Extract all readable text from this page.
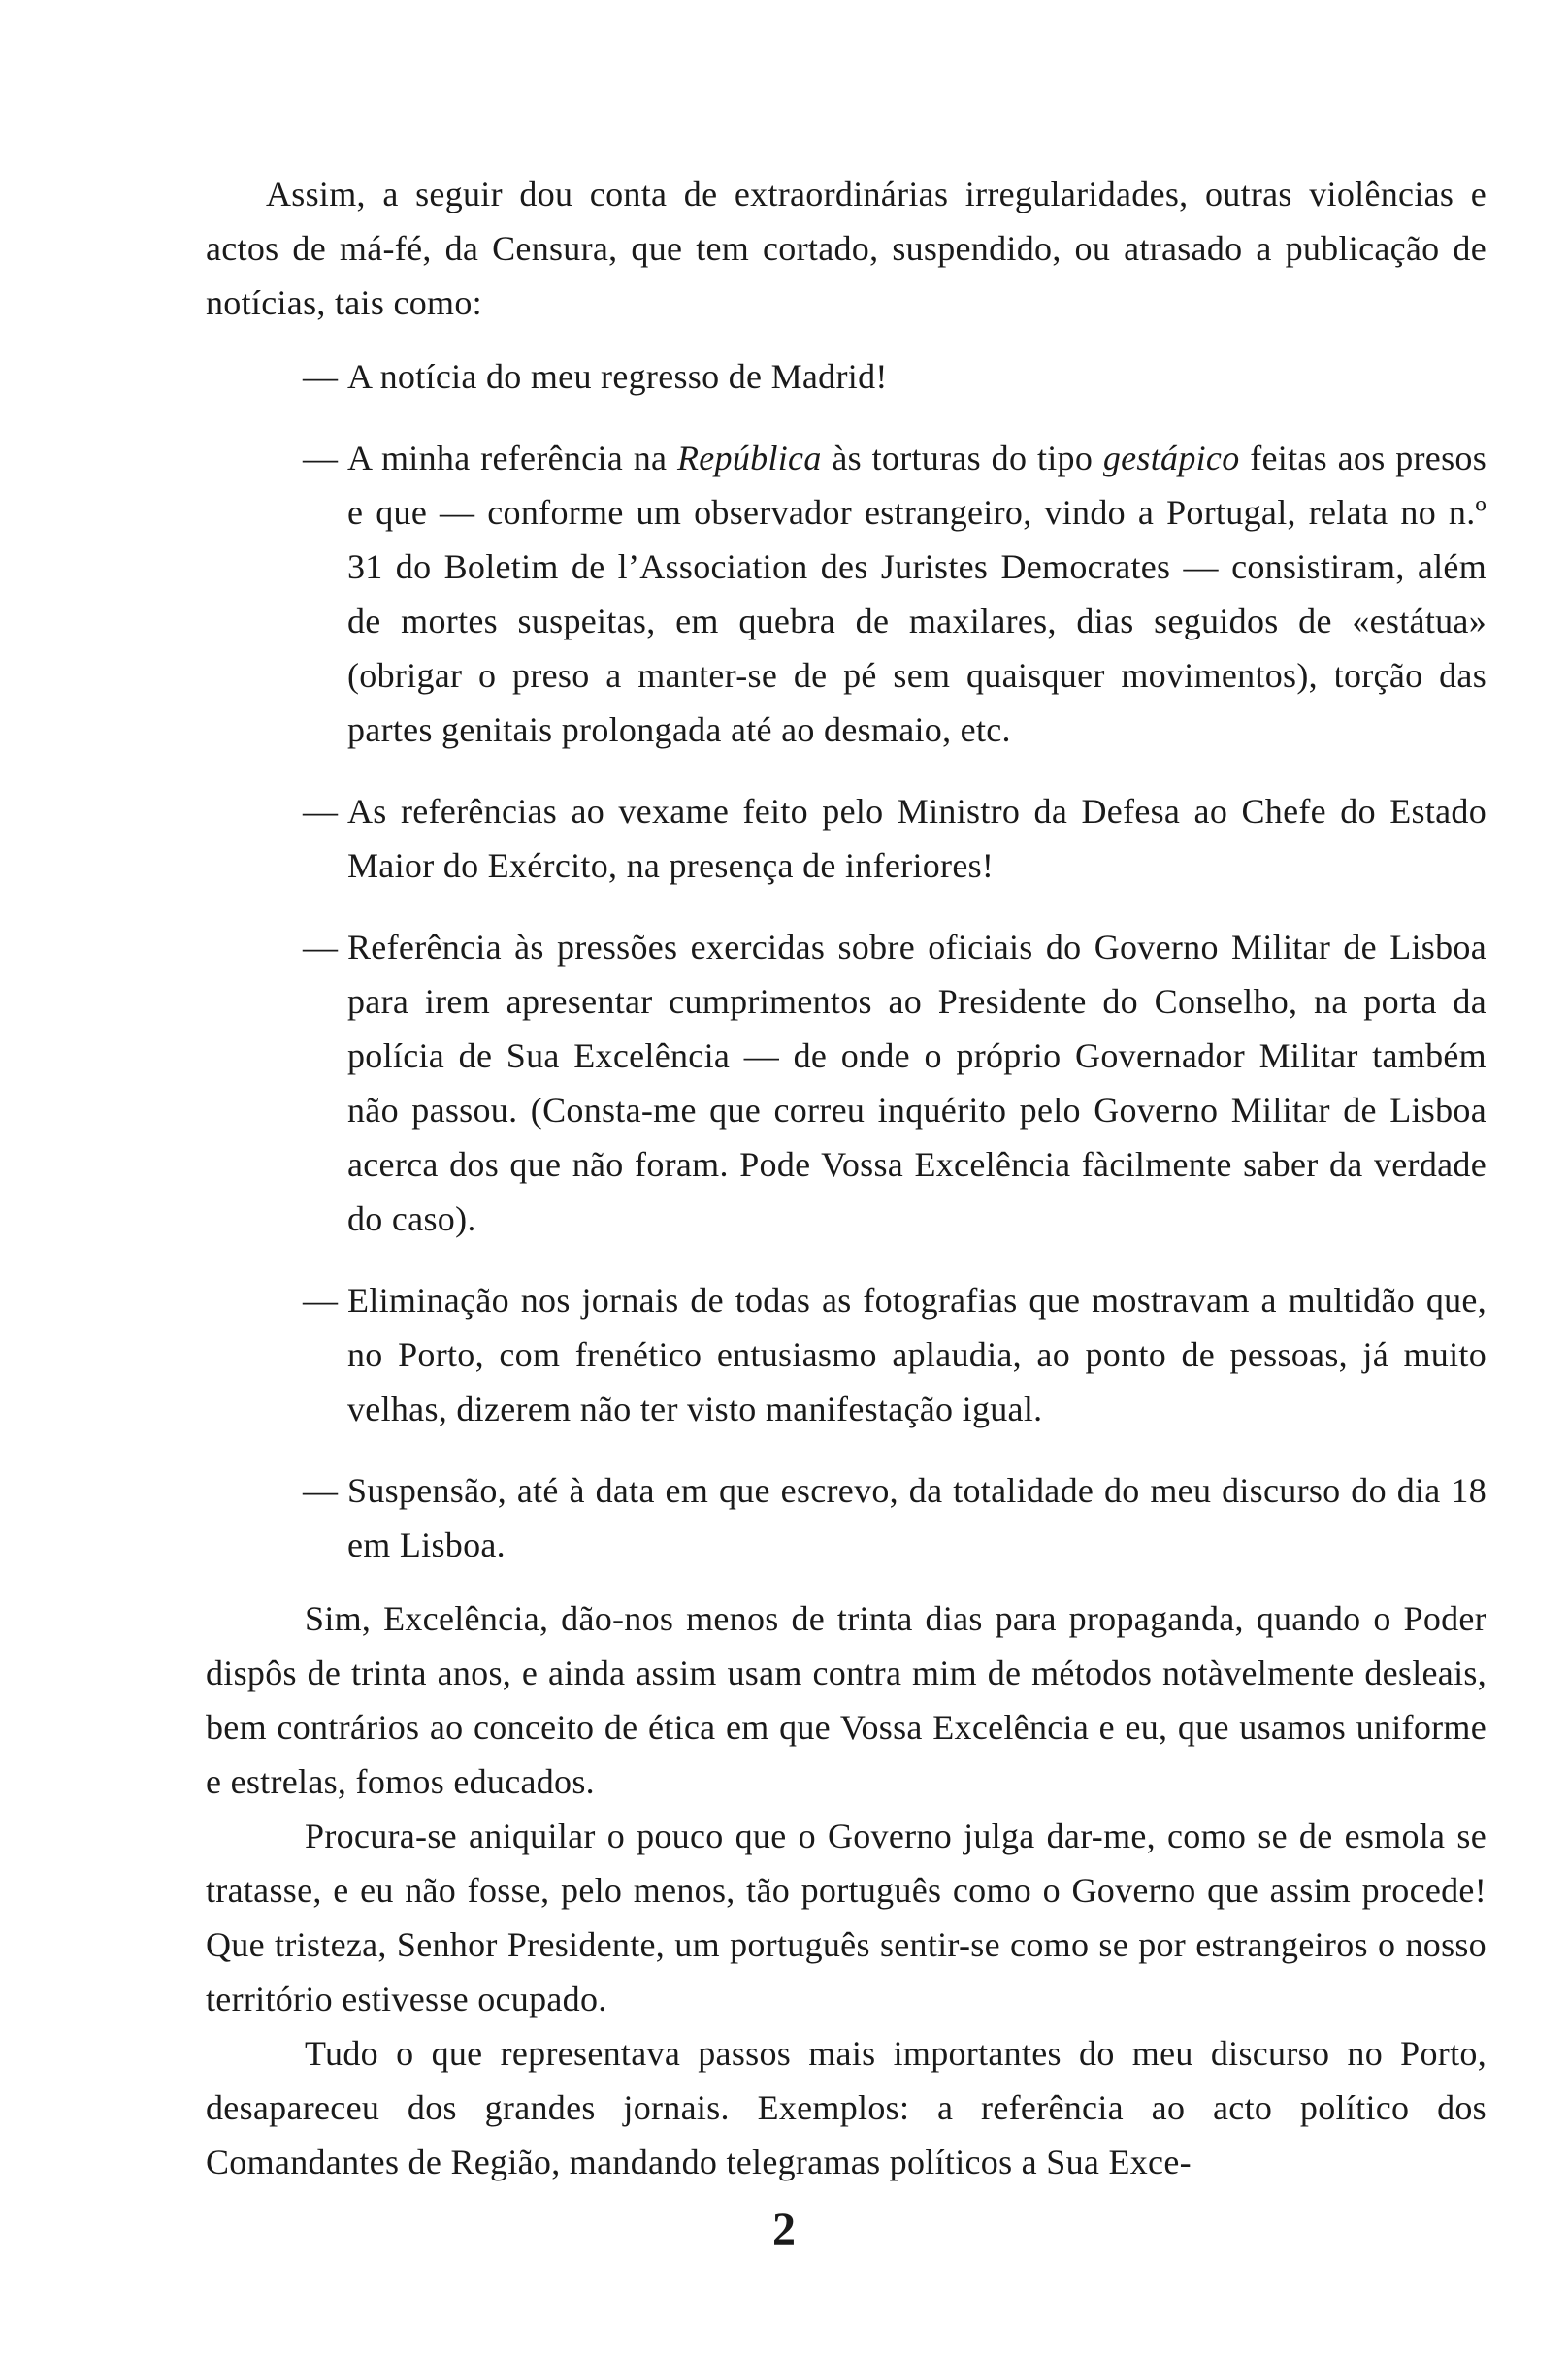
Assim, a seguir dou conta de extraordinárias irregularidades, outras violências e actos de má-fé, da Censura, que tem cortado, suspendido, ou atrasado a publicação de notícias, tais como:

— A notícia do meu regresso de Madrid!
— A minha referência na República às torturas do tipo gestápico feitas aos presos e que — conforme um observador estrangeiro, vindo a Portugal, relata no n.º 31 do Boletim de l’Association des Juristes Democrates — consistiram, além de mortes suspeitas, em quebra de maxilares, dias seguidos de «estátua» (obrigar o preso a manter-se de pé sem quaisquer movimentos), torção das partes genitais prolongada até ao desmaio, etc.
— As referências ao vexame feito pelo Ministro da Defesa ao Chefe do Estado Maior do Exército, na presença de inferiores!
— Referência às pressões exercidas sobre oficiais do Governo Militar de Lisboa para irem apresentar cumprimentos ao Presidente do Conselho, na porta da polícia de Sua Excelência — de onde o próprio Governador Militar também não passou. (Consta-me que correu inquérito pelo Governo Militar de Lisboa acerca dos que não foram. Pode Vossa Excelência fàcilmente saber da verdade do caso).
— Eliminação nos jornais de todas as fotografias que mostravam a multidão que, no Porto, com frenético entusiasmo aplaudia, ao ponto de pessoas, já muito velhas, dizerem não ter visto manifestação igual.
— Suspensão, até à data em que escrevo, da totalidade do meu discurso do dia 18 em Lisboa.

Sim, Excelência, dão-nos menos de trinta dias para propaganda, quando o Poder dispôs de trinta anos, e ainda assim usam contra mim de métodos notàvelmente desleais, bem contrários ao conceito de ética em que Vossa Excelência e eu, que usamos uniforme e estrelas, fomos educados.

Procura-se aniquilar o pouco que o Governo julga dar-me, como se de esmola se tratasse, e eu não fosse, pelo menos, tão português como o Governo que assim procede! Que tristeza, Senhor Presidente, um português sentir-se como se por estrangeiros o nosso território estivesse ocupado.

Tudo o que representava passos mais importantes do meu discurso no Porto, desapareceu dos grandes jornais. Exemplos: a referência ao acto político dos Comandantes de Região, mandando telegramas políticos a Sua Exce-

2
